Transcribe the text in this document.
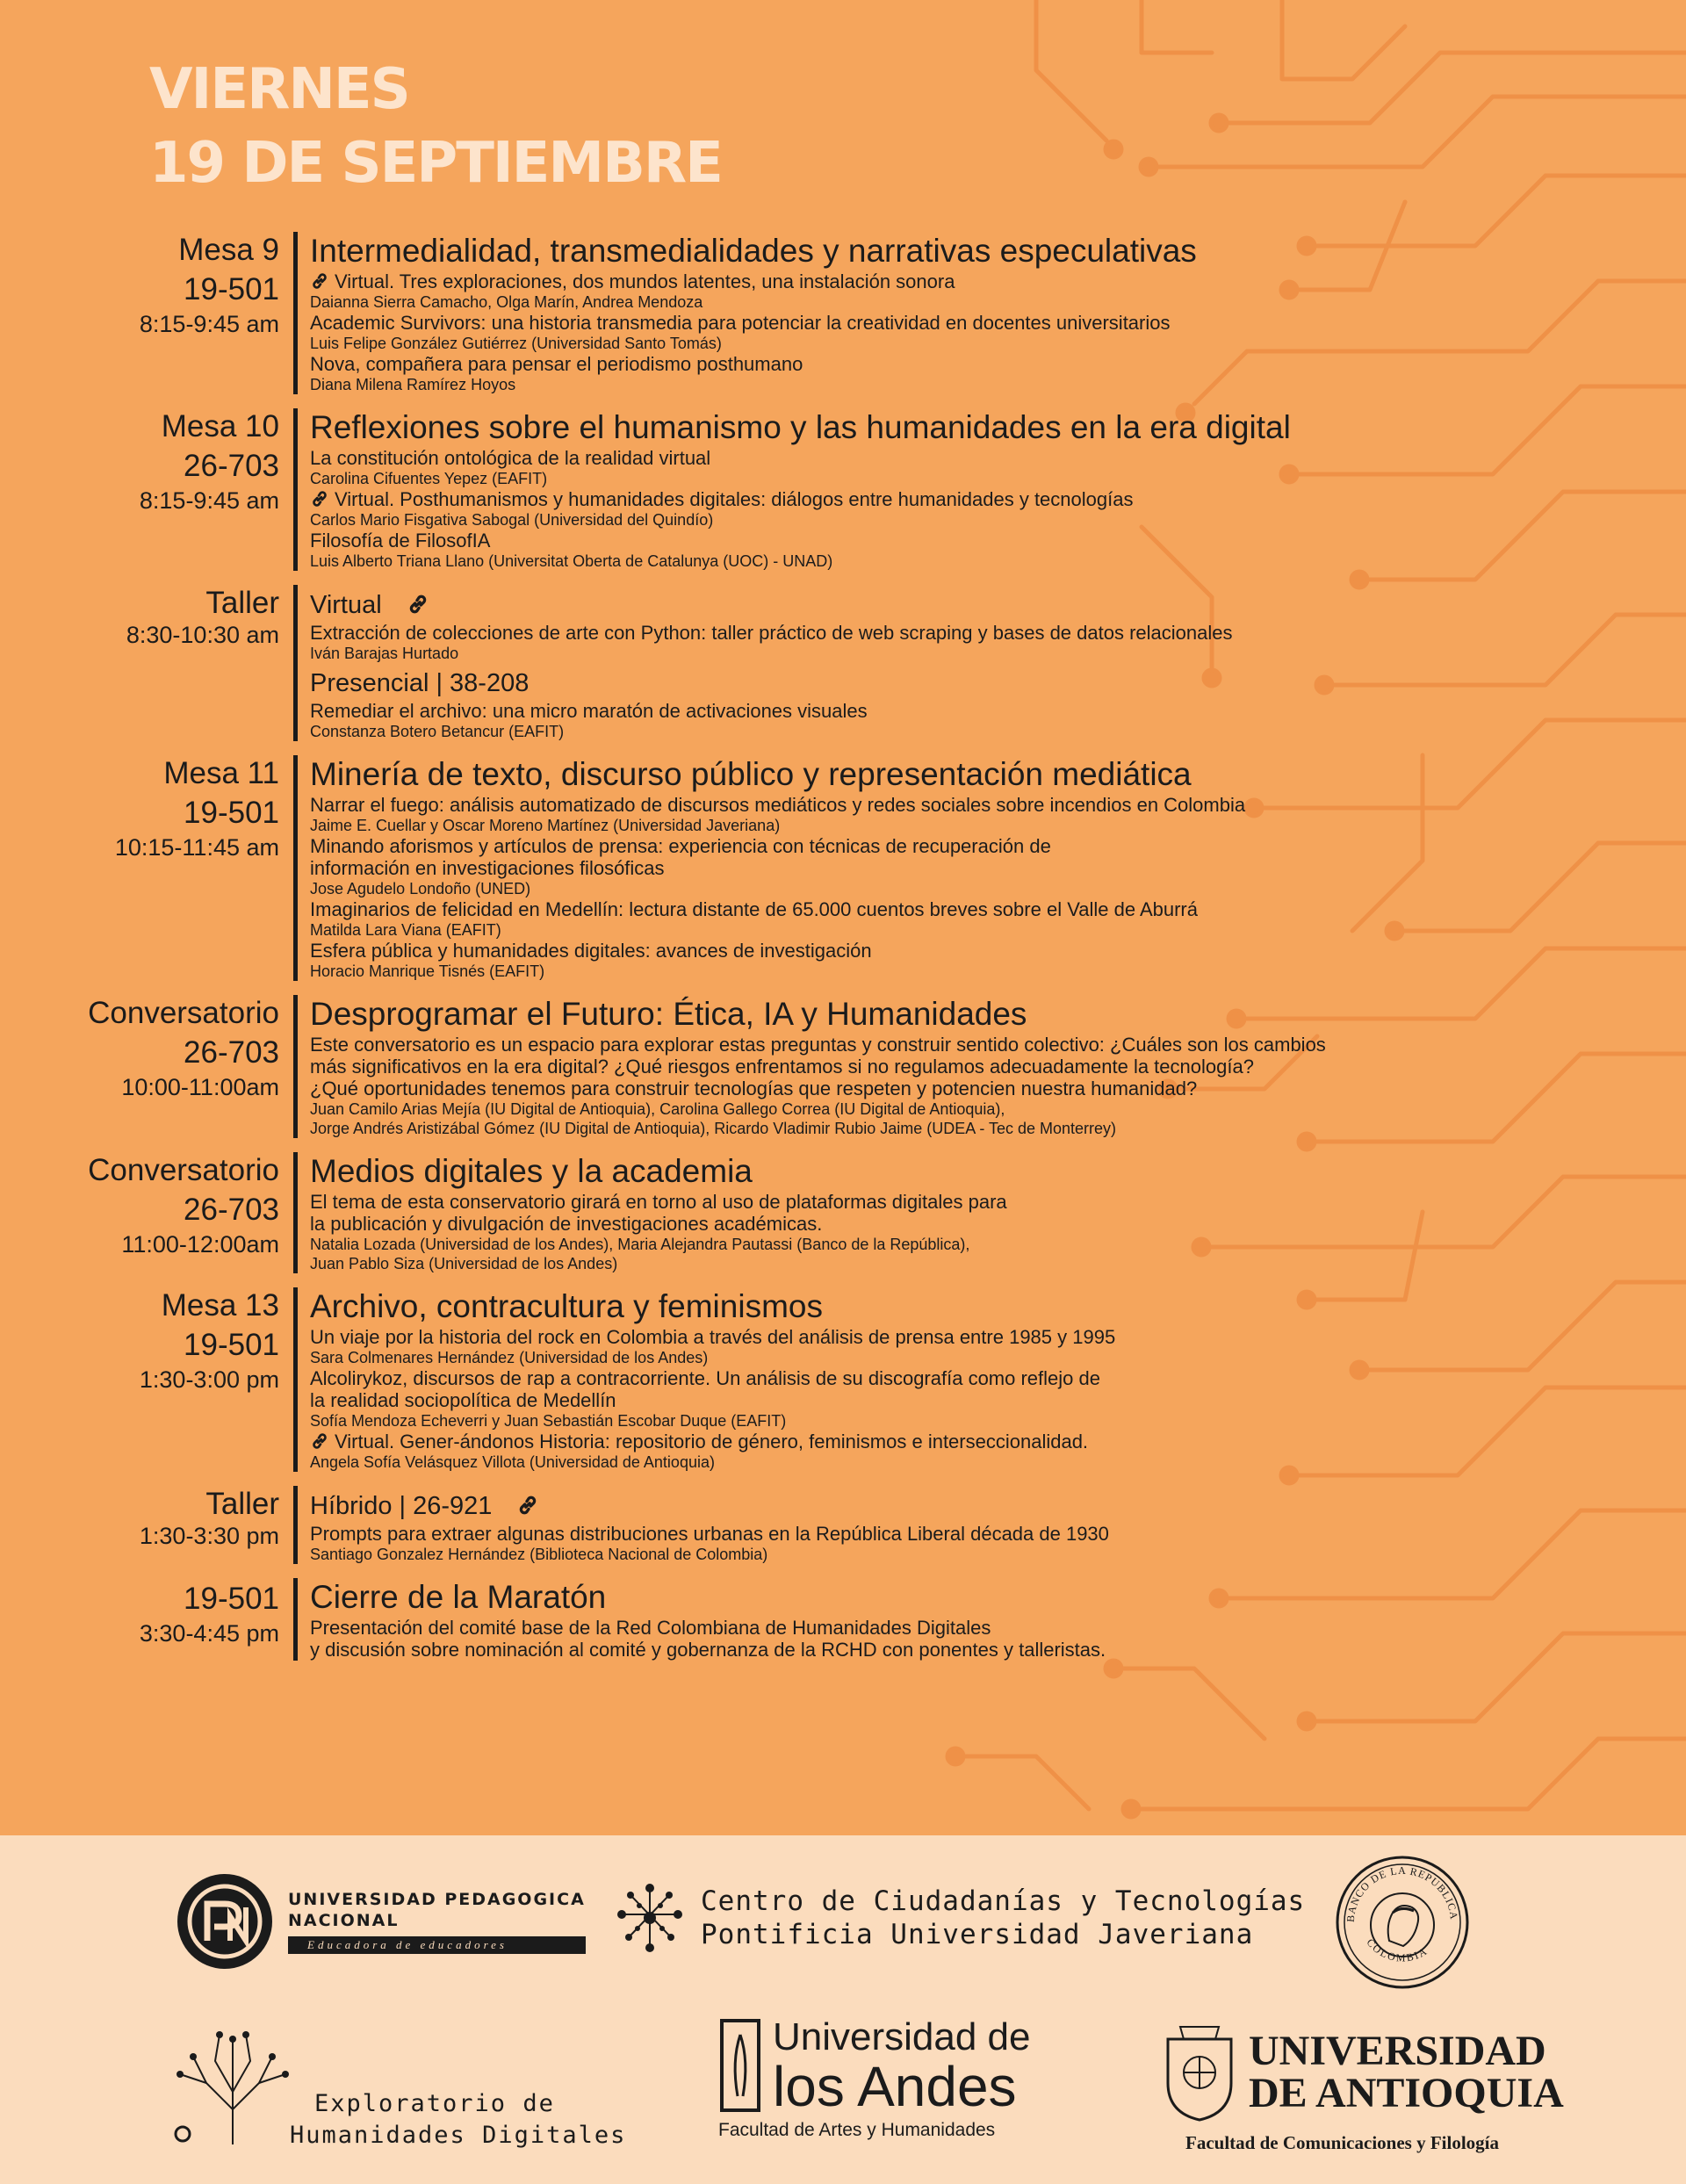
VIERNES
19 DE SEPTIEMBRE
Mesa 9
19-501
8:15-9:45 am
Intermedialidad, transmedialidades y narrativas especulativas
Virtual. Tres exploraciones, dos mundos latentes, una instalación sonora
Daianna Sierra Camacho, Olga Marín, Andrea Mendoza
Academic Survivors: una historia transmedia para potenciar la creatividad en docentes universitarios
Luis Felipe González Gutiérrez (Universidad Santo Tomás)
Nova, compañera para pensar el periodismo posthumano
Diana Milena Ramírez Hoyos
Mesa 10
26-703
8:15-9:45 am
Reflexiones sobre el humanismo y las humanidades en la era digital
La constitución ontológica de la realidad virtual
Carolina Cifuentes Yepez (EAFIT)
Virtual. Posthumanismos y humanidades digitales: diálogos entre humanidades y tecnologías
Carlos Mario Fisgativa Sabogal (Universidad del Quindío)
Filosofía de FilosofIA
Luis Alberto Triana Llano (Universitat Oberta de Catalunya (UOC) - UNAD)
Taller
8:30-10:30 am
Virtual
Extracción de colecciones de arte con Python: taller práctico de web scraping y bases de datos relacionales
Iván Barajas Hurtado
Presencial | 38-208
Remediar el archivo: una micro maratón de activaciones visuales
Constanza Botero Betancur (EAFIT)
Mesa 11
19-501
10:15-11:45 am
Minería de texto, discurso público y representación mediática
Narrar el fuego: análisis automatizado de discursos mediáticos y redes sociales sobre incendios en Colombia
Jaime E. Cuellar y Oscar Moreno Martínez (Universidad Javeriana)
Minando aforismos y artículos de prensa: experiencia con técnicas de recuperación de
información en investigaciones filosóficas
Jose Agudelo Londoño (UNED)
Imaginarios de felicidad en Medellín: lectura distante de 65.000 cuentos breves sobre el Valle de Aburrá
Matilda Lara Viana (EAFIT)
Esfera pública y humanidades digitales: avances de investigación
Horacio Manrique Tisnés (EAFIT)
Conversatorio
26-703
10:00-11:00am
Desprogramar el Futuro: Ética, IA y Humanidades
Este conversatorio es un espacio para explorar estas preguntas y construir sentido colectivo: ¿Cuáles son los cambios
más significativos en la era digital? ¿Qué riesgos enfrentamos si no regulamos adecuadamente la tecnología?
¿Qué oportunidades tenemos para construir tecnologías que respeten y potencien nuestra humanidad?
Juan Camilo Arias Mejía (IU Digital de Antioquia), Carolina Gallego Correa (IU Digital de Antioquia),
Jorge Andrés Aristizábal Gómez (IU Digital de Antioquia), Ricardo Vladimir Rubio Jaime (UDEA - Tec de Monterrey)
Conversatorio
26-703
11:00-12:00am
Medios digitales y la academia
El tema de esta conservatorio girará en torno al uso de plataformas digitales para
la publicación y divulgación de investigaciones académicas.
Natalia Lozada (Universidad de los Andes), Maria Alejandra Pautassi (Banco de la República),
Juan Pablo Siza (Universidad de los Andes)
Mesa 13
19-501
1:30-3:00 pm
Archivo, contracultura y feminismos
Un viaje por la historia del rock en Colombia a través del análisis de prensa entre 1985 y 1995
Sara Colmenares Hernández (Universidad de los Andes)
Alcolirykoz, discursos de rap a contracorriente. Un análisis de su discografía como reflejo de
la realidad sociopolítica de Medellín
Sofía Mendoza Echeverri y Juan Sebastián Escobar Duque (EAFIT)
Virtual. Gener-ándonos Historia: repositorio de género, feminismos e interseccionalidad.
Angela Sofía Velásquez Villota (Universidad de Antioquia)
Taller
1:30-3:30 pm
Híbrido | 26-921
Prompts para extraer algunas distribuciones urbanas en la República Liberal década de 1930
Santiago Gonzalez Hernández (Biblioteca Nacional de Colombia)
19-501
3:30-4:45 pm
Cierre de la Maratón
Presentación del comité base de la Red Colombiana de Humanidades Digitales
y discusión sobre nominación al comité y gobernanza de la RCHD con ponentes y talleristas.
UNIVERSIDAD PEDAGOGICA
NACIONAL
Educadora de educadores
Centro de Ciudadanías y Tecnologías
Pontificia Universidad Javeriana
BANCO DE LA REPUBLICA
COLOMBIA
Exploratorio de
Humanidades Digitales
Universidad de
los Andes
Facultad de Artes y Humanidades
UNIVERSIDAD
DE ANTIOQUIA
Facultad de Comunicaciones y Filología
